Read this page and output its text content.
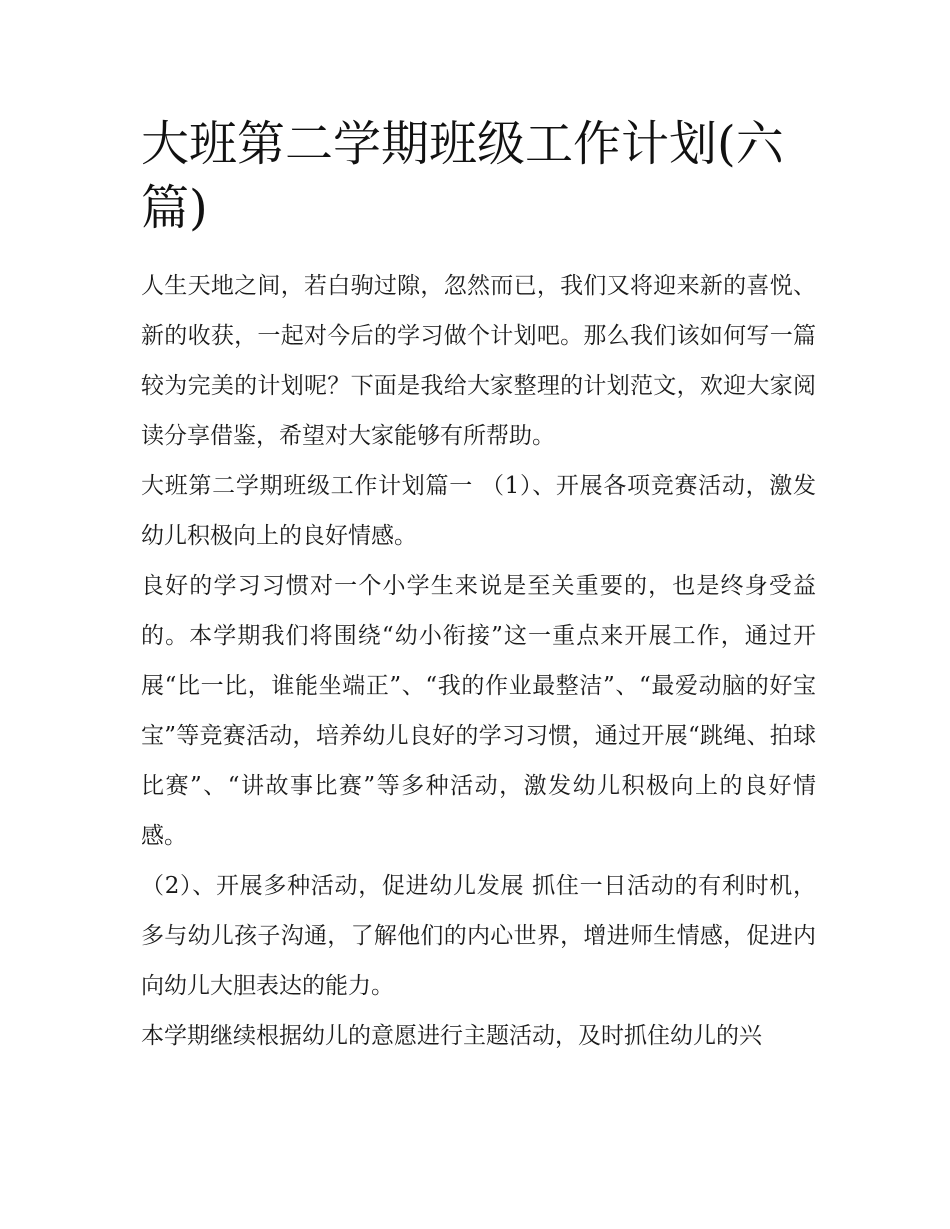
大班第二学期班级工作计划(六篇)

人生天地之间，若白驹过隙，忽然而已，我们又将迎来新的喜悦、新的收获，一起对今后的学习做个计划吧。那么我们该如何写一篇较为完美的计划呢？下面是我给大家整理的计划范文，欢迎大家阅读分享借鉴，希望对大家能够有所帮助。

大班第二学期班级工作计划篇一 （1）、开展各项竞赛活动，激发幼儿积极向上的良好情感。

良好的学习习惯对一个小学生来说是至关重要的，也是终身受益的。本学期我们将围绕“幼小衔接”这一重点来开展工作，通过开展“比一比，谁能坐端正”、“我的作业最整洁”、“最爱动脑的好宝宝”等竞赛活动，培养幼儿良好的学习习惯，通过开展“跳绳、拍球比赛”、“讲故事比赛”等多种活动，激发幼儿积极向上的良好情感。

（2）、开展多种活动，促进幼儿发展 抓住一日活动的有利时机，多与幼儿孩子沟通，了解他们的内心世界，增进师生情感，促进内向幼儿大胆表达的能力。

本学期继续根据幼儿的意愿进行主题活动，及时抓住幼儿的兴
